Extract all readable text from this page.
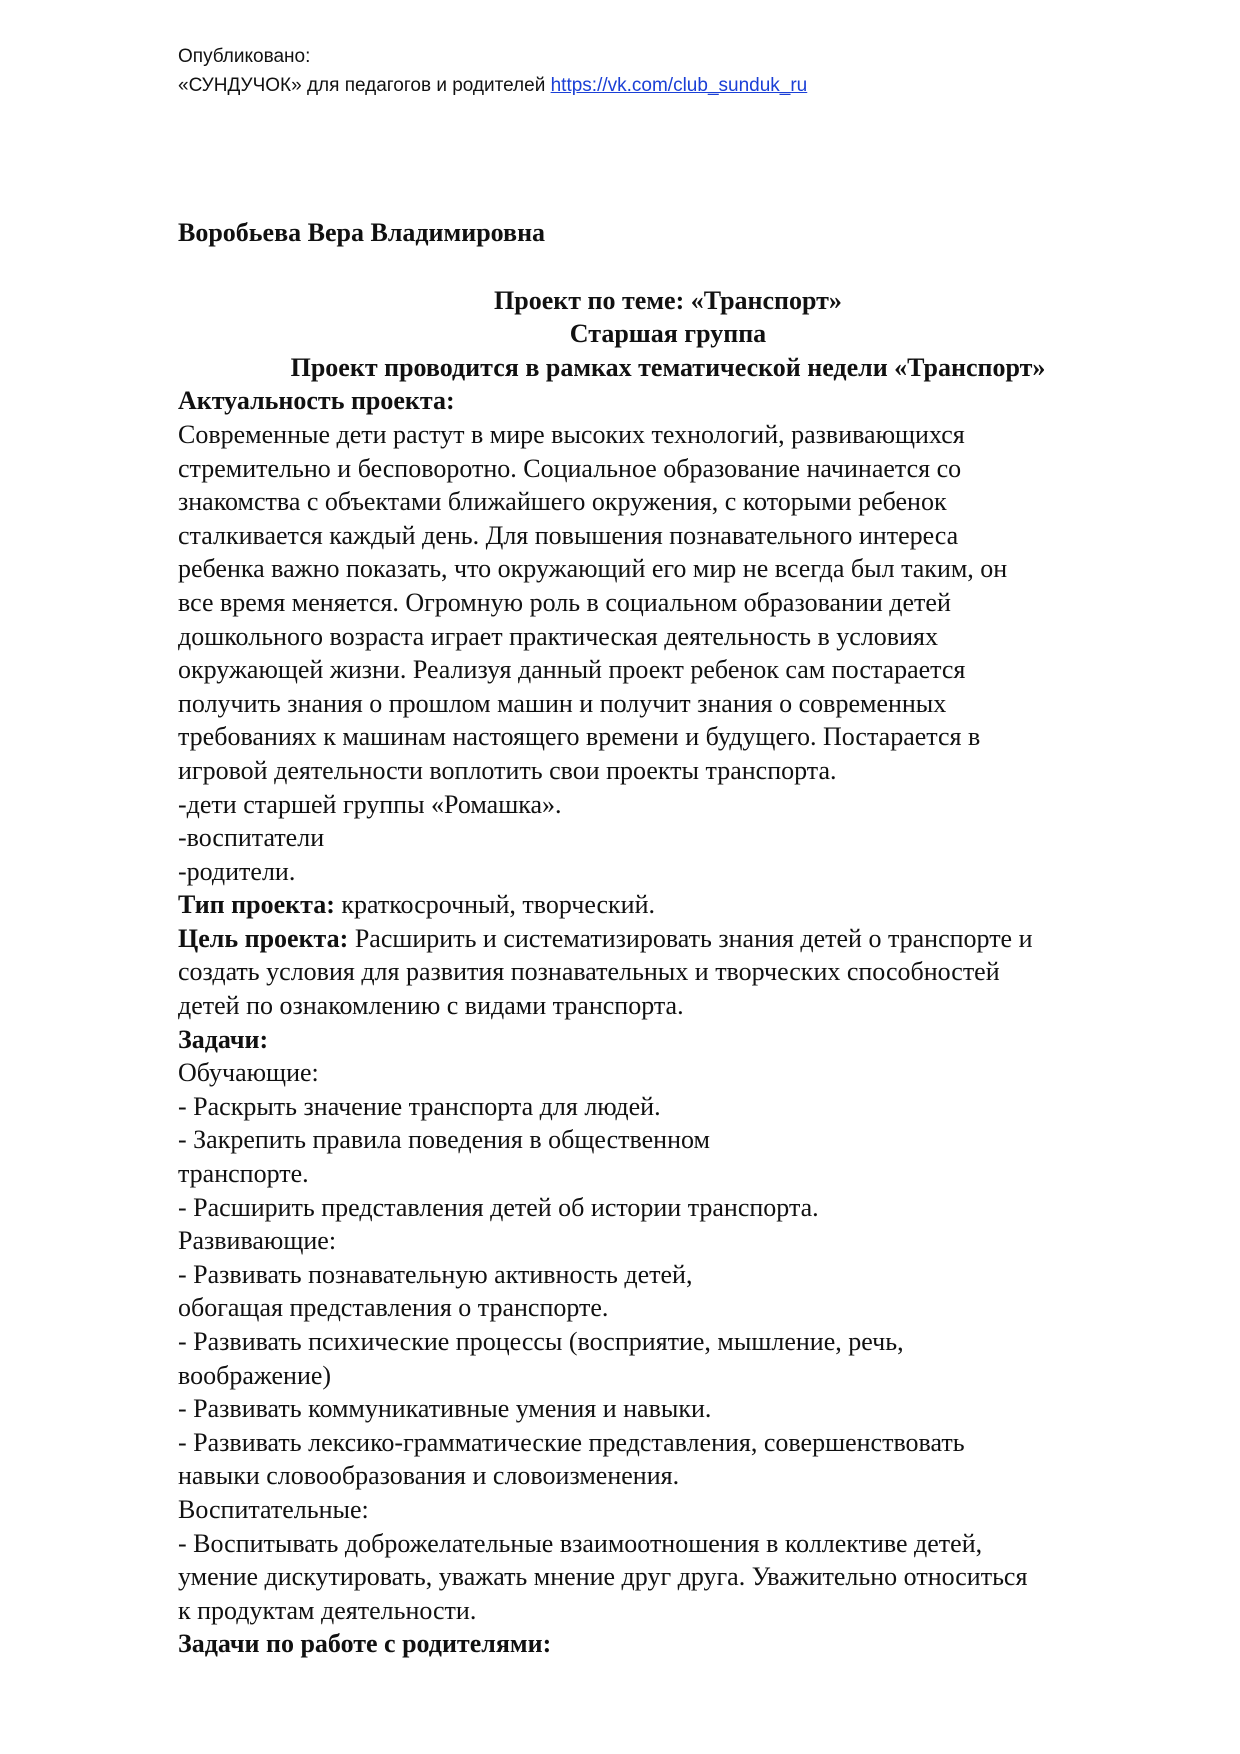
Опубликовано:
«СУНДУЧОК» для педагогов и родителей https://vk.com/club_sunduk_ru

Воробьева Вера Владимировна

Проект по теме: «Транспорт»

Старшая группа

Проект проводится в рамках тематической недели «Транспорт»

Актуальность проекта:

Современные дети растут в мире высоких технологий, развивающихся

стремительно и бесповоротно. Социальное образование начинается со

знакомства с объектами ближайшего окружения, с которыми ребенок

сталкивается каждый день. Для повышения познавательного интереса

ребенка важно показать, что окружающий его мир не всегда был таким, он

все время меняется. Огромную роль в социальном образовании детей

дошкольного возраста играет практическая деятельность в условиях

окружающей жизни. Реализуя данный проект ребенок сам постарается

получить знания о прошлом машин и получит знания о современных

требованиях к машинам настоящего времени и будущего. Постарается в

игровой деятельности воплотить свои проекты транспорта.

-дети старшей группы «Ромашка».

-воспитатели

-родители.

Тип проекта: краткосрочный, творческий.

Цель проекта: Расширить и систематизировать знания детей о транспорте и

создать условия для развития познавательных и творческих способностей

детей по ознакомлению с видами транспорта.

Задачи:

Обучающие:

- Раскрыть значение транспорта для людей.

- Закрепить правила поведения в общественном

транспорте.

- Расширить представления детей об истории транспорта.

Развивающие:

- Развивать познавательную активность детей,

обогащая представления о транспорте.

- Развивать психические процессы (восприятие, мышление, речь,

воображение)

- Развивать коммуникативные умения и навыки.

- Развивать лексико-грамматические представления, совершенствовать

навыки словообразования и словоизменения.

Воспитательные:

- Воспитывать доброжелательные взаимоотношения в коллективе детей,

умение дискутировать, уважать мнение друг друга. Уважительно относиться

к продуктам деятельности.

Задачи по работе с родителями:
